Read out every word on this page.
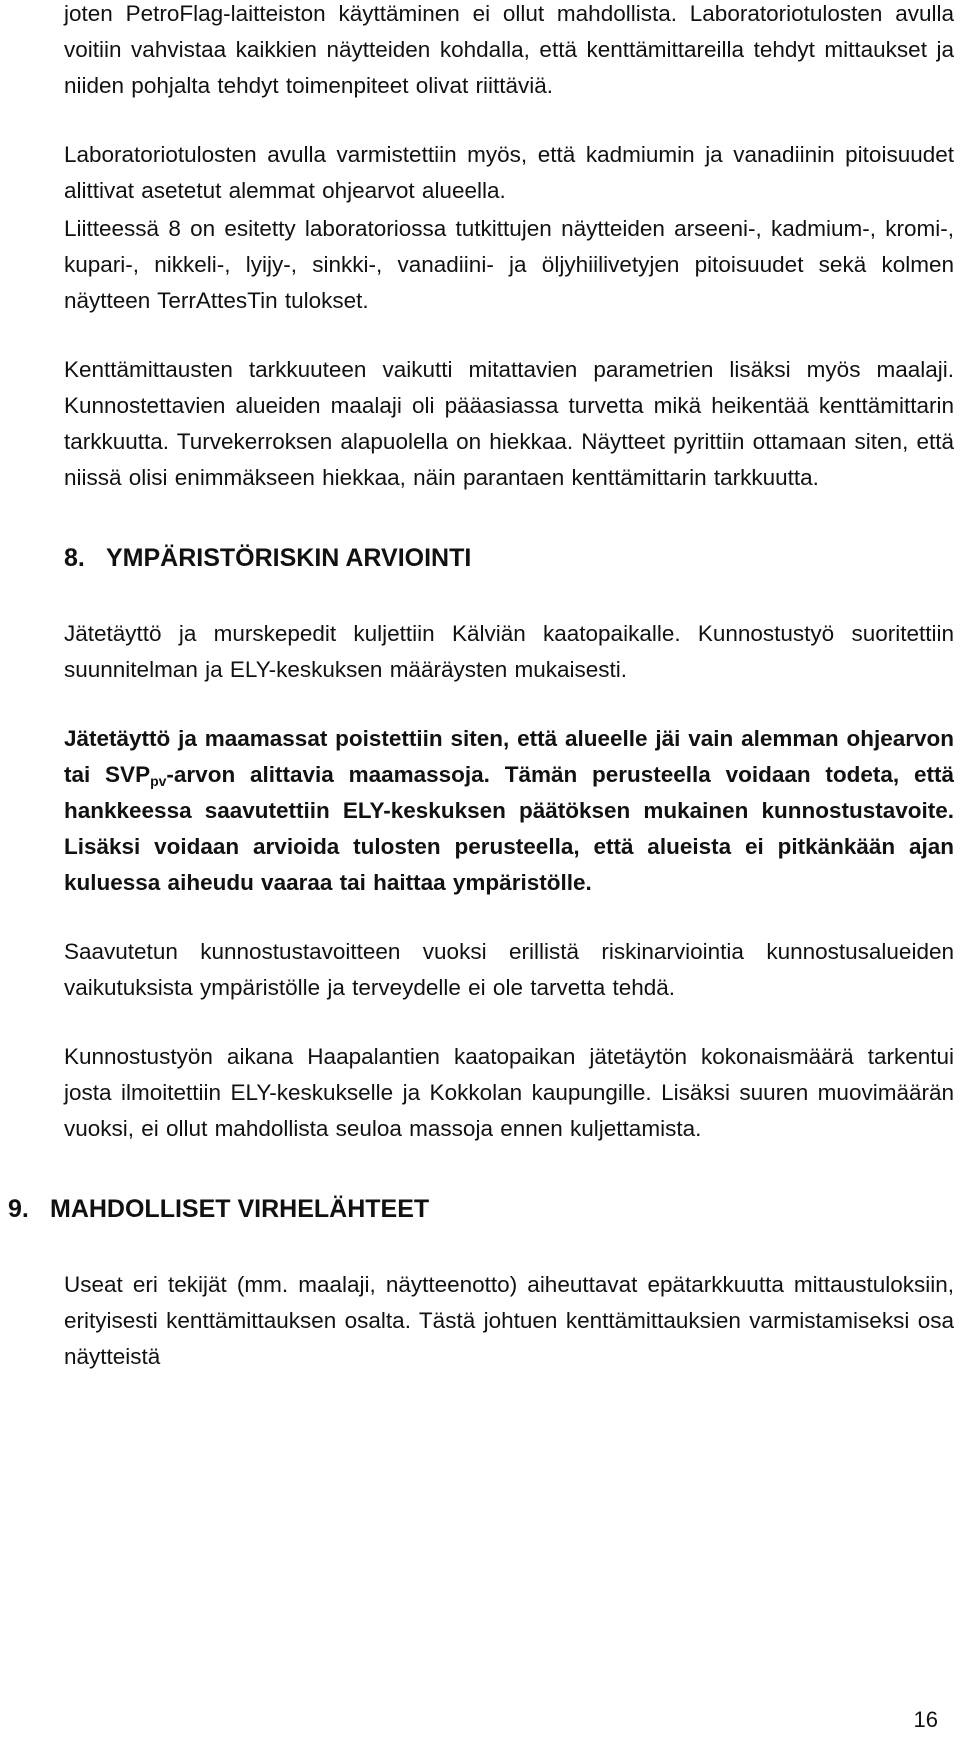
joten PetroFlag-laitteiston käyttäminen ei ollut mahdollista. Laboratoriotulosten avulla voitiin vahvistaa kaikkien näytteiden kohdalla, että kenttämittareilla tehdyt mittaukset ja niiden pohjalta tehdyt toimenpiteet olivat riittäviä.

Laboratoriotulosten avulla varmistettiin myös, että kadmiumin ja vanadiinin pitoisuudet alittivat asetetut alemmat ohjearvot alueella.

Liitteessä 8 on esitetty laboratoriossa tutkittujen näytteiden arseeni-, kadmium-, kromi-, kupari-, nikkeli-, lyijy-, sinkki-, vanadiini- ja öljyhiilivetyjen pitoisuudet sekä kolmen näytteen TerrAttesTin tulokset.

Kenttämittausten tarkkuuteen vaikutti mitattavien parametrien lisäksi myös maalaji. Kunnostettavien alueiden maalaji oli pääasiassa turvetta mikä heikentää kenttämittarin tarkkuutta. Turvekerroksen alapuolella on hiekkaa. Näytteet pyrittiin ottamaan siten, että niissä olisi enimmäkseen hiekkaa, näin parantaen kenttämittarin tarkkuutta.

8. YMPÄRISTÖRISKIN ARVIOINTI

Jätetäyttö ja murskepedit kuljettiin Kälviän kaatopaikalle. Kunnostustyö suoritettiin suunnitelman ja ELY-keskuksen määräysten mukaisesti.

Jätetäyttö ja maamassat poistettiin siten, että alueelle jäi vain alemman ohjearvon tai $SVP_{pv}$-arvon alittavia maamassoja. Tämän perusteella voidaan todeta, että hankkeessa saavutettiin ELY-keskuksen päätöksen mukainen kunnostustavoite. Lisäksi voidaan arvioida tulosten perusteella, että alueista ei pitkänkään ajan kuluessa aiheudu vaaraa tai haittaa ympäristölle.

Saavutetun kunnostustavoitteen vuoksi erillistä riskinarviointia kunnostusalueiden vaikutuksista ympäristölle ja terveydelle ei ole tarvetta tehdä.

Kunnostustyön aikana Haapalantien kaatopaikan jätetäytön kokonaismäärä tarkentui josta ilmoitettiin ELY-keskukselle ja Kokkolan kaupungille. Lisäksi suuren muovimäärän vuoksi, ei ollut mahdollista seuloa massoja ennen kuljettamista.

9. MAHDOLLISET VIRHELÄHTEET

Useat eri tekijät (mm. maalaji, näytteenotto) aiheuttavat epätarkkuutta mittaustuloksiin, erityisesti kenttämittauksen osalta. Tästä johtuen kenttämittauksien varmistamiseksi osa näytteistä

16
